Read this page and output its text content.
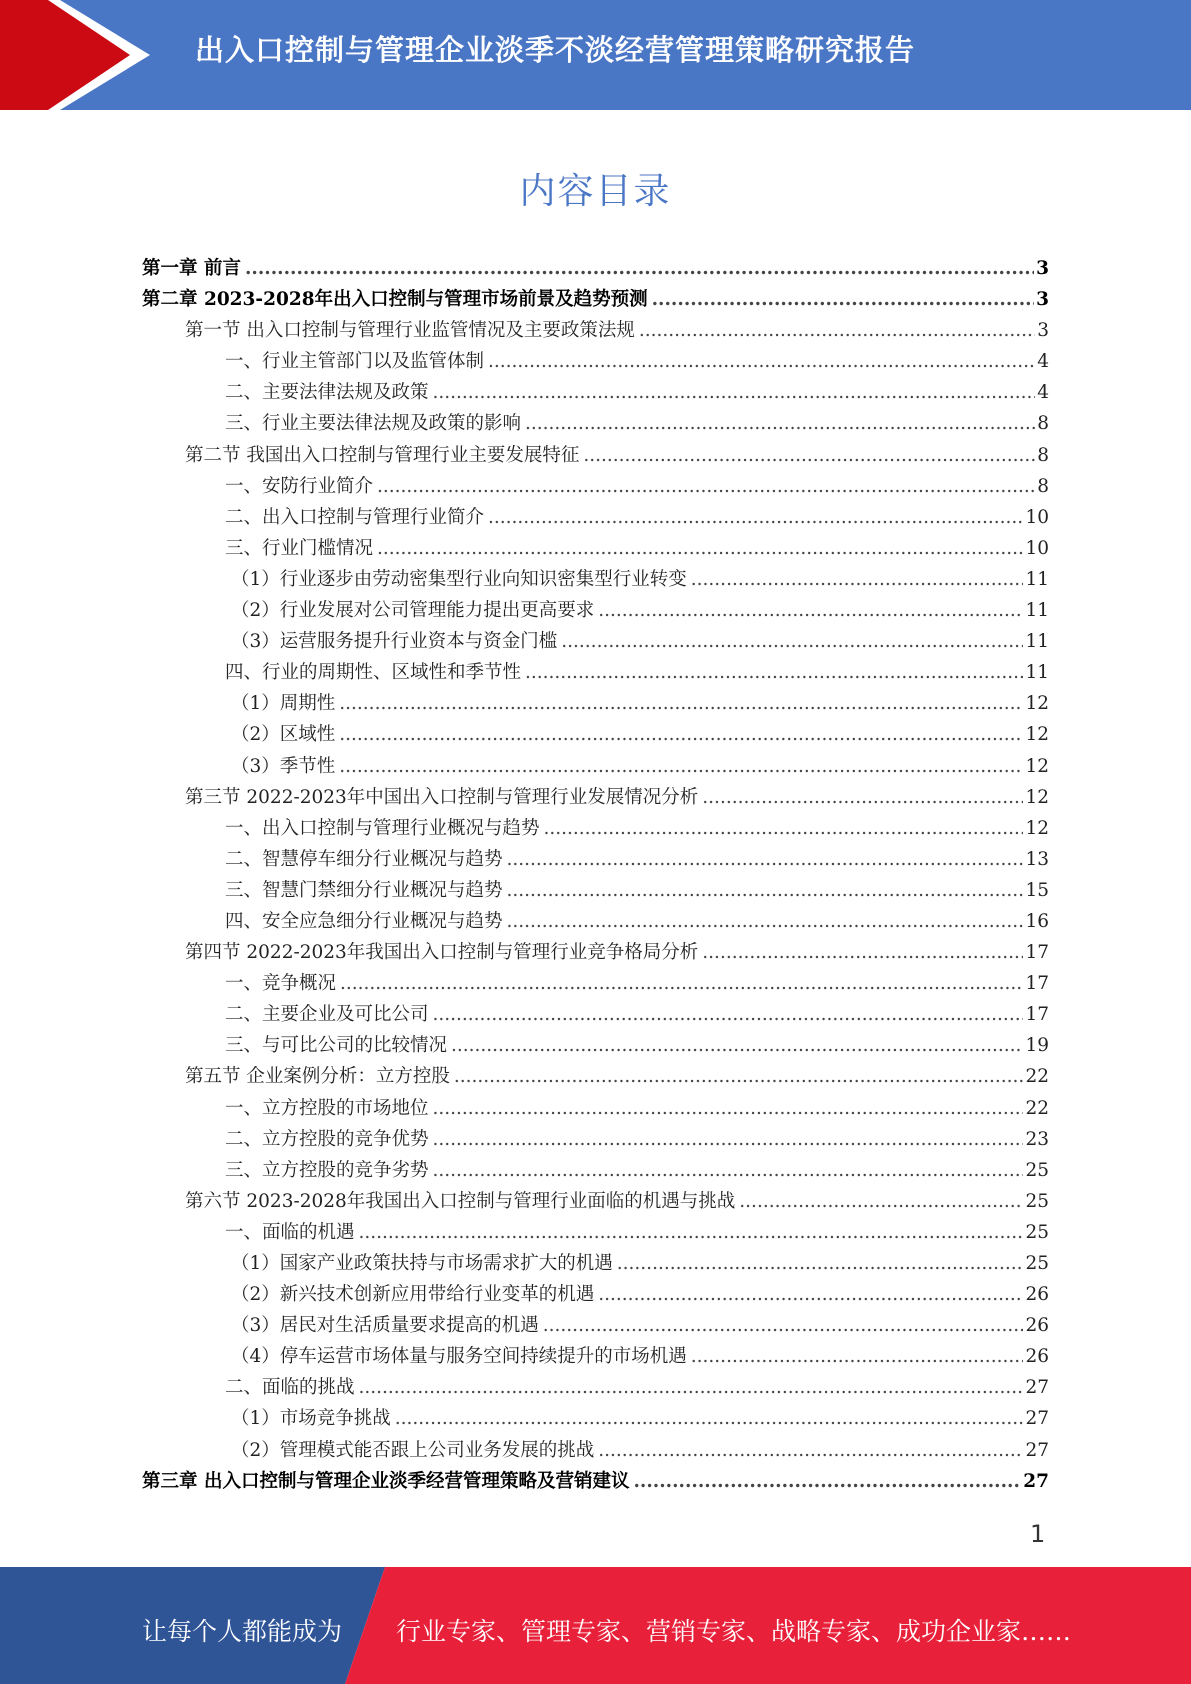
出入口控制与管理企业淡季不淡经营管理策略研究报告
内容目录
第一章 前言 .....	3
第二章 2023-2028年出入口控制与管理市场前景及趋势预测 .....	3
第一节 出入口控制与管理行业监管情况及主要政策法规 .....	3
一、行业主管部门以及监管体制 .....	4
二、主要法律法规及政策 .....	4
三、行业主要法律法规及政策的影响 .....	8
第二节 我国出入口控制与管理行业主要发展特征 .....	8
一、安防行业简介 .....	8
二、出入口控制与管理行业简介 .....	10
三、行业门槛情况 .....	10
（1）行业逐步由劳动密集型行业向知识密集型行业转变 .....	11
（2）行业发展对公司管理能力提出更高要求 .....	11
（3）运营服务提升行业资本与资金门槛 .....	11
四、行业的周期性、区域性和季节性 .....	11
（1）周期性 .....	12
（2）区域性 .....	12
（3）季节性 .....	12
第三节 2022-2023年中国出入口控制与管理行业发展情况分析 .....	12
一、出入口控制与管理行业概况与趋势 .....	12
二、智慧停车细分行业概况与趋势 .....	13
三、智慧门禁细分行业概况与趋势 .....	15
四、安全应急细分行业概况与趋势 .....	16
第四节 2022-2023年我国出入口控制与管理行业竞争格局分析 .....	17
一、竞争概况 .....	17
二、主要企业及可比公司 .....	17
三、与可比公司的比较情况 .....	19
第五节 企业案例分析：立方控股 .....	22
一、立方控股的市场地位 .....	22
二、立方控股的竞争优势 .....	23
三、立方控股的竞争劣势 .....	25
第六节 2023-2028年我国出入口控制与管理行业面临的机遇与挑战 .....	25
一、面临的机遇 .....	25
（1）国家产业政策扶持与市场需求扩大的机遇 .....	25
（2）新兴技术创新应用带给行业变革的机遇 .....	26
（3）居民对生活质量要求提高的机遇 .....	26
（4）停车运营市场体量与服务空间持续提升的市场机遇 .....	26
二、面临的挑战 .....	27
（1）市场竞争挑战 .....	27
（2）管理模式能否跟上公司业务发展的挑战 .....	27
第三章 出入口控制与管理企业淡季经营管理策略及营销建议 .....	27
1
让每个人都能成为 行业专家、管理专家、营销专家、战略专家、成功企业家……
